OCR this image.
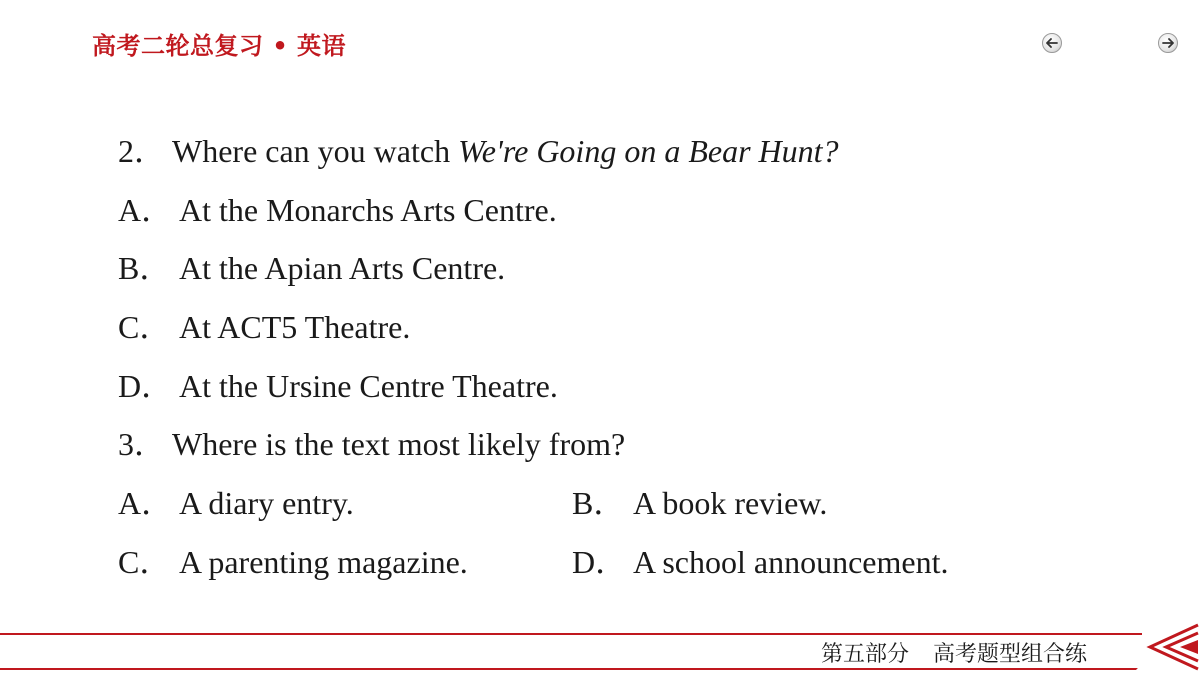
高考二轮总复习 • 英语
2． Where can you watch We're Going on a Bear Hunt?
A． At the Monarchs Arts Centre.
B． At the Apian Arts Centre.
C． At ACT5 Theatre.
D． At the Ursine Centre Theatre.
3． Where is the text most likely from?
A． A diary entry.	B． A book review.
C． A parenting magazine.	D． A school announcement.
第五部分 高考题型组合练
